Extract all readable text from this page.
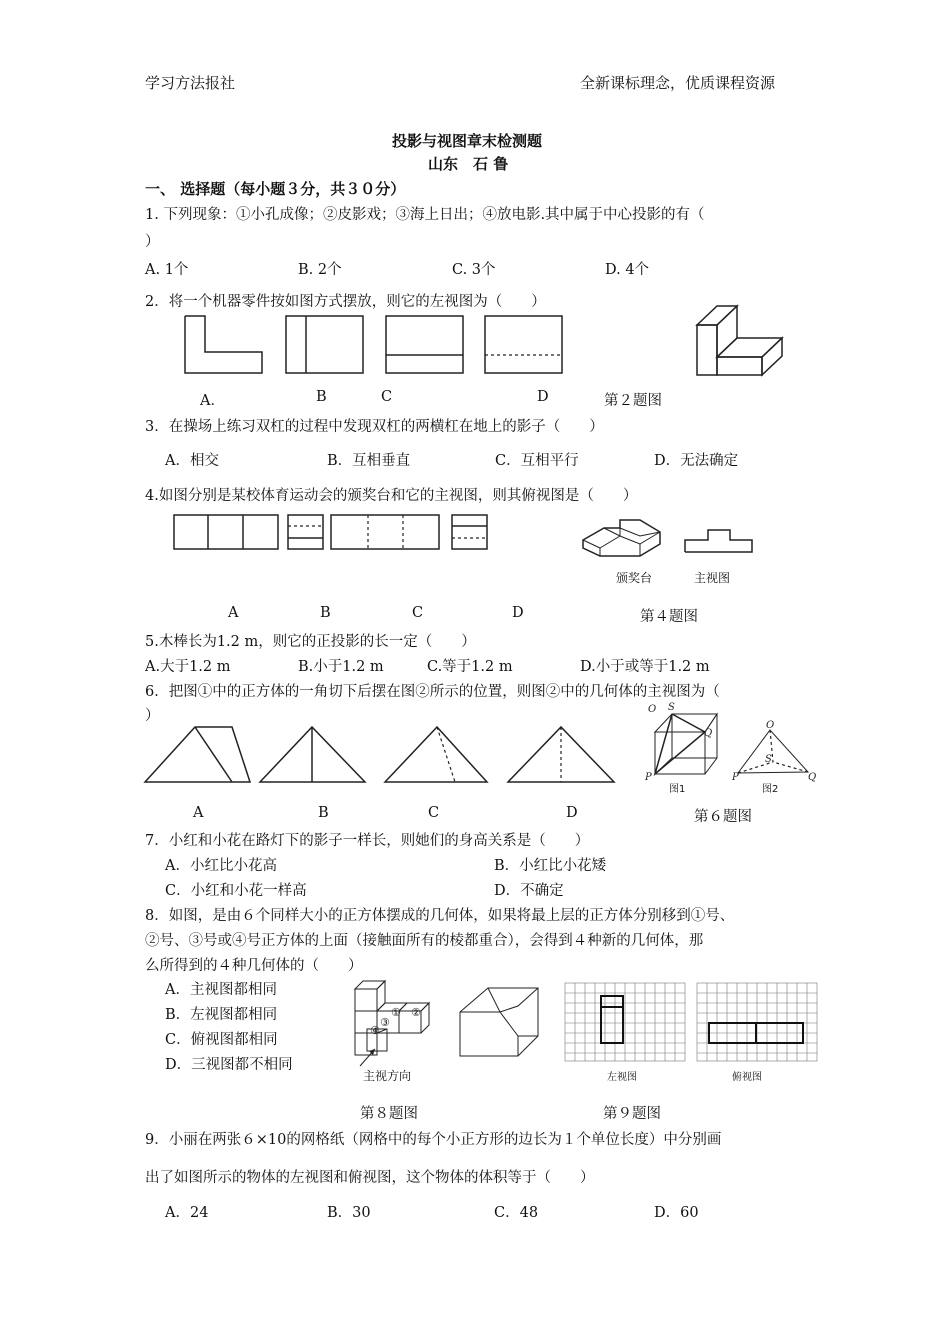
学习方法报社	全新课标理念，优质课程资源
投影与视图章末检测题
山东　石 鲁
一、 选择题（每小题３分，共３０分）
1. 下列现象：①小孔成像；②皮影戏；③海上日出；④放电影.其中属于中心投影的有（
）
A. 1个	B. 2个	C. 3个	D. 4个
2．将一个机器零件按如图方式摆放，则它的左视图为（　　）
A．	B	C	D	第２题图
3．在操场上练习双杠的过程中发现双杠的两横杠在地上的影子（　　）
A．相交	B．互相垂直	C．互相平行	D．无法确定
4.如图分别是某校体育运动会的颁奖台和它的主视图，则其俯视图是（　　）
颁奖台	主视图
A	B	C	D	第４题图
5.木棒长为1.2 m，则它的正投影的长一定（　　）
A.大于1.2 m	B.小于1.2 m	C.等于1.2 m	D.小于或等于1.2 m
6．把图①中的正方体的一角切下后摆在图②所示的位置，则图②中的几何体的主视图为（
）	O S
Q
P
O
S
P	Q
图1	图2
A	B	C	D	第６题图
7．小红和小花在路灯下的影子一样长，则她们的身高关系是（　　）
A．小红比小花高	B．小红比小花矮
C．小红和小花一样高	D．不确定
8．如图，是由６个同样大小的正方体摆成的几何体，如果将最上层的正方体分别移到①号、
②号、③号或④号正方体的上面（接触面所有的棱都重合），会得到４种新的几何体，那
么所得到的４种几何体的（　　）
A．主视图都相同
B．左视图都相同
C．俯视图都相同
D．三视图都不相同
① ②
③
④
主视方向	左视图	俯视图
第８题图	第９题图
9．小丽在两张６×10的网格纸（网格中的每个小正方形的边长为１个单位长度）中分别画
出了如图所示的物体的左视图和俯视图，这个物体的体积等于（　　）
A．24	B．30	C．48	D．60
